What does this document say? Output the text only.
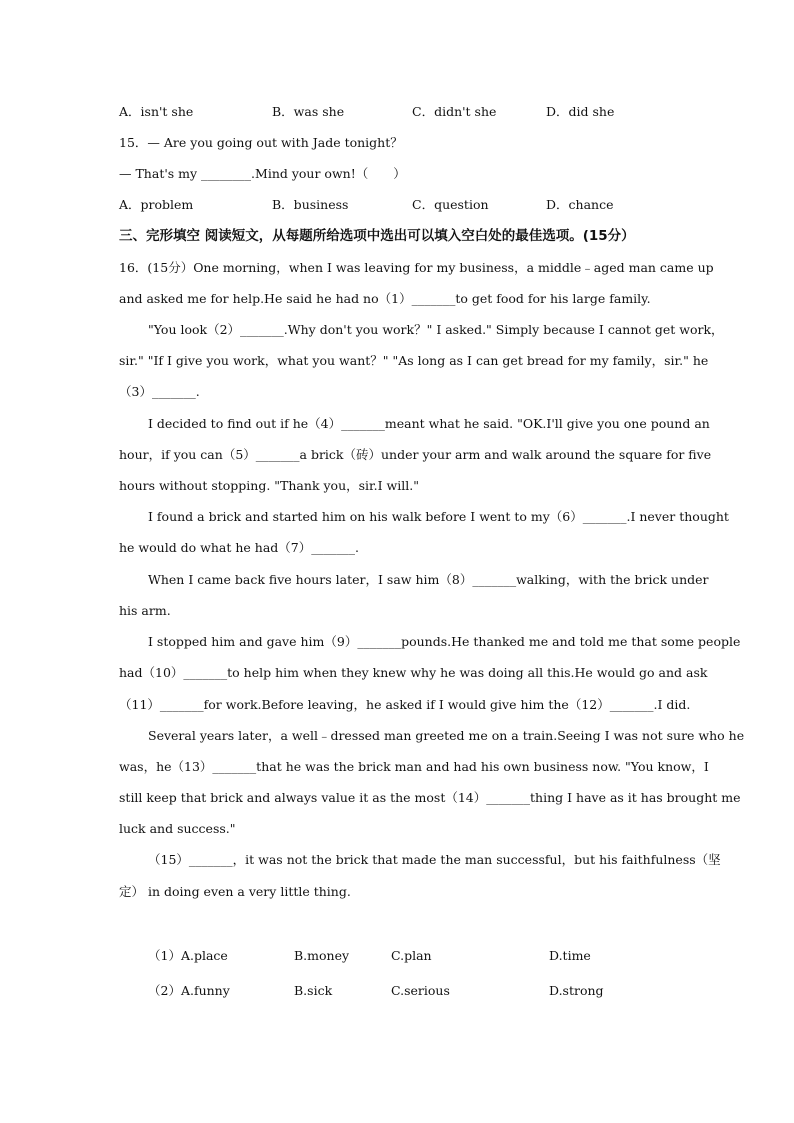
A．isn't she	B．was she	C．didn't she	D．did she
15．— Are you going out with Jade tonight？
— That's my ________.Mind your own!（　　）
A．problem	B．business	C．question	D．chance
三、完形填空 阅读短文，从每题所给选项中选出可以填入空白处的最佳选项。(15分）
16．(15分）One morning，when I was leaving for my business，a middle﹣aged man came up
and asked me for help.He said he had no（1）_______to get food for his large family.
"You look（2）_______.Why don't you work？" I asked." Simply because I cannot get work，
sir." "If I give you work，what you want？" "As long as I can get bread for my family，sir." he
（3）_______.
I decided to find out if he（4）_______meant what he said. "OK.I'll give you one pound an
hour，if you can（5）_______a brick（砖）under your arm and walk around the square for five
hours without stopping. "Thank you，sir.I will."
I found a brick and started him on his walk before I went to my（6）_______.I never thought
he would do what he had（7）_______.
When I came back five hours later，I saw him（8）_______walking，with the brick under
his arm.
I stopped him and gave him（9）_______pounds.He thanked me and told me that some people
had（10）_______to help him when they knew why he was doing all this.He would go and ask
（11）_______for work.Before leaving，he asked if I would give him the（12）_______.I did.
Several years later，a well﹣dressed man greeted me on a train.Seeing I was not sure who he
was，he（13）_______that he was the brick man and had his own business now. "You know，I
still keep that brick and always value it as the most（14）_______thing I have as it has brought me
luck and success."
（15）_______，it was not the brick that made the man successful，but his faithfulness（坚
定） in doing even a very little thing.
（1）A.place	B.money	C.plan	D.time
（2）A.funny	B.sick	C.serious	D.strong
